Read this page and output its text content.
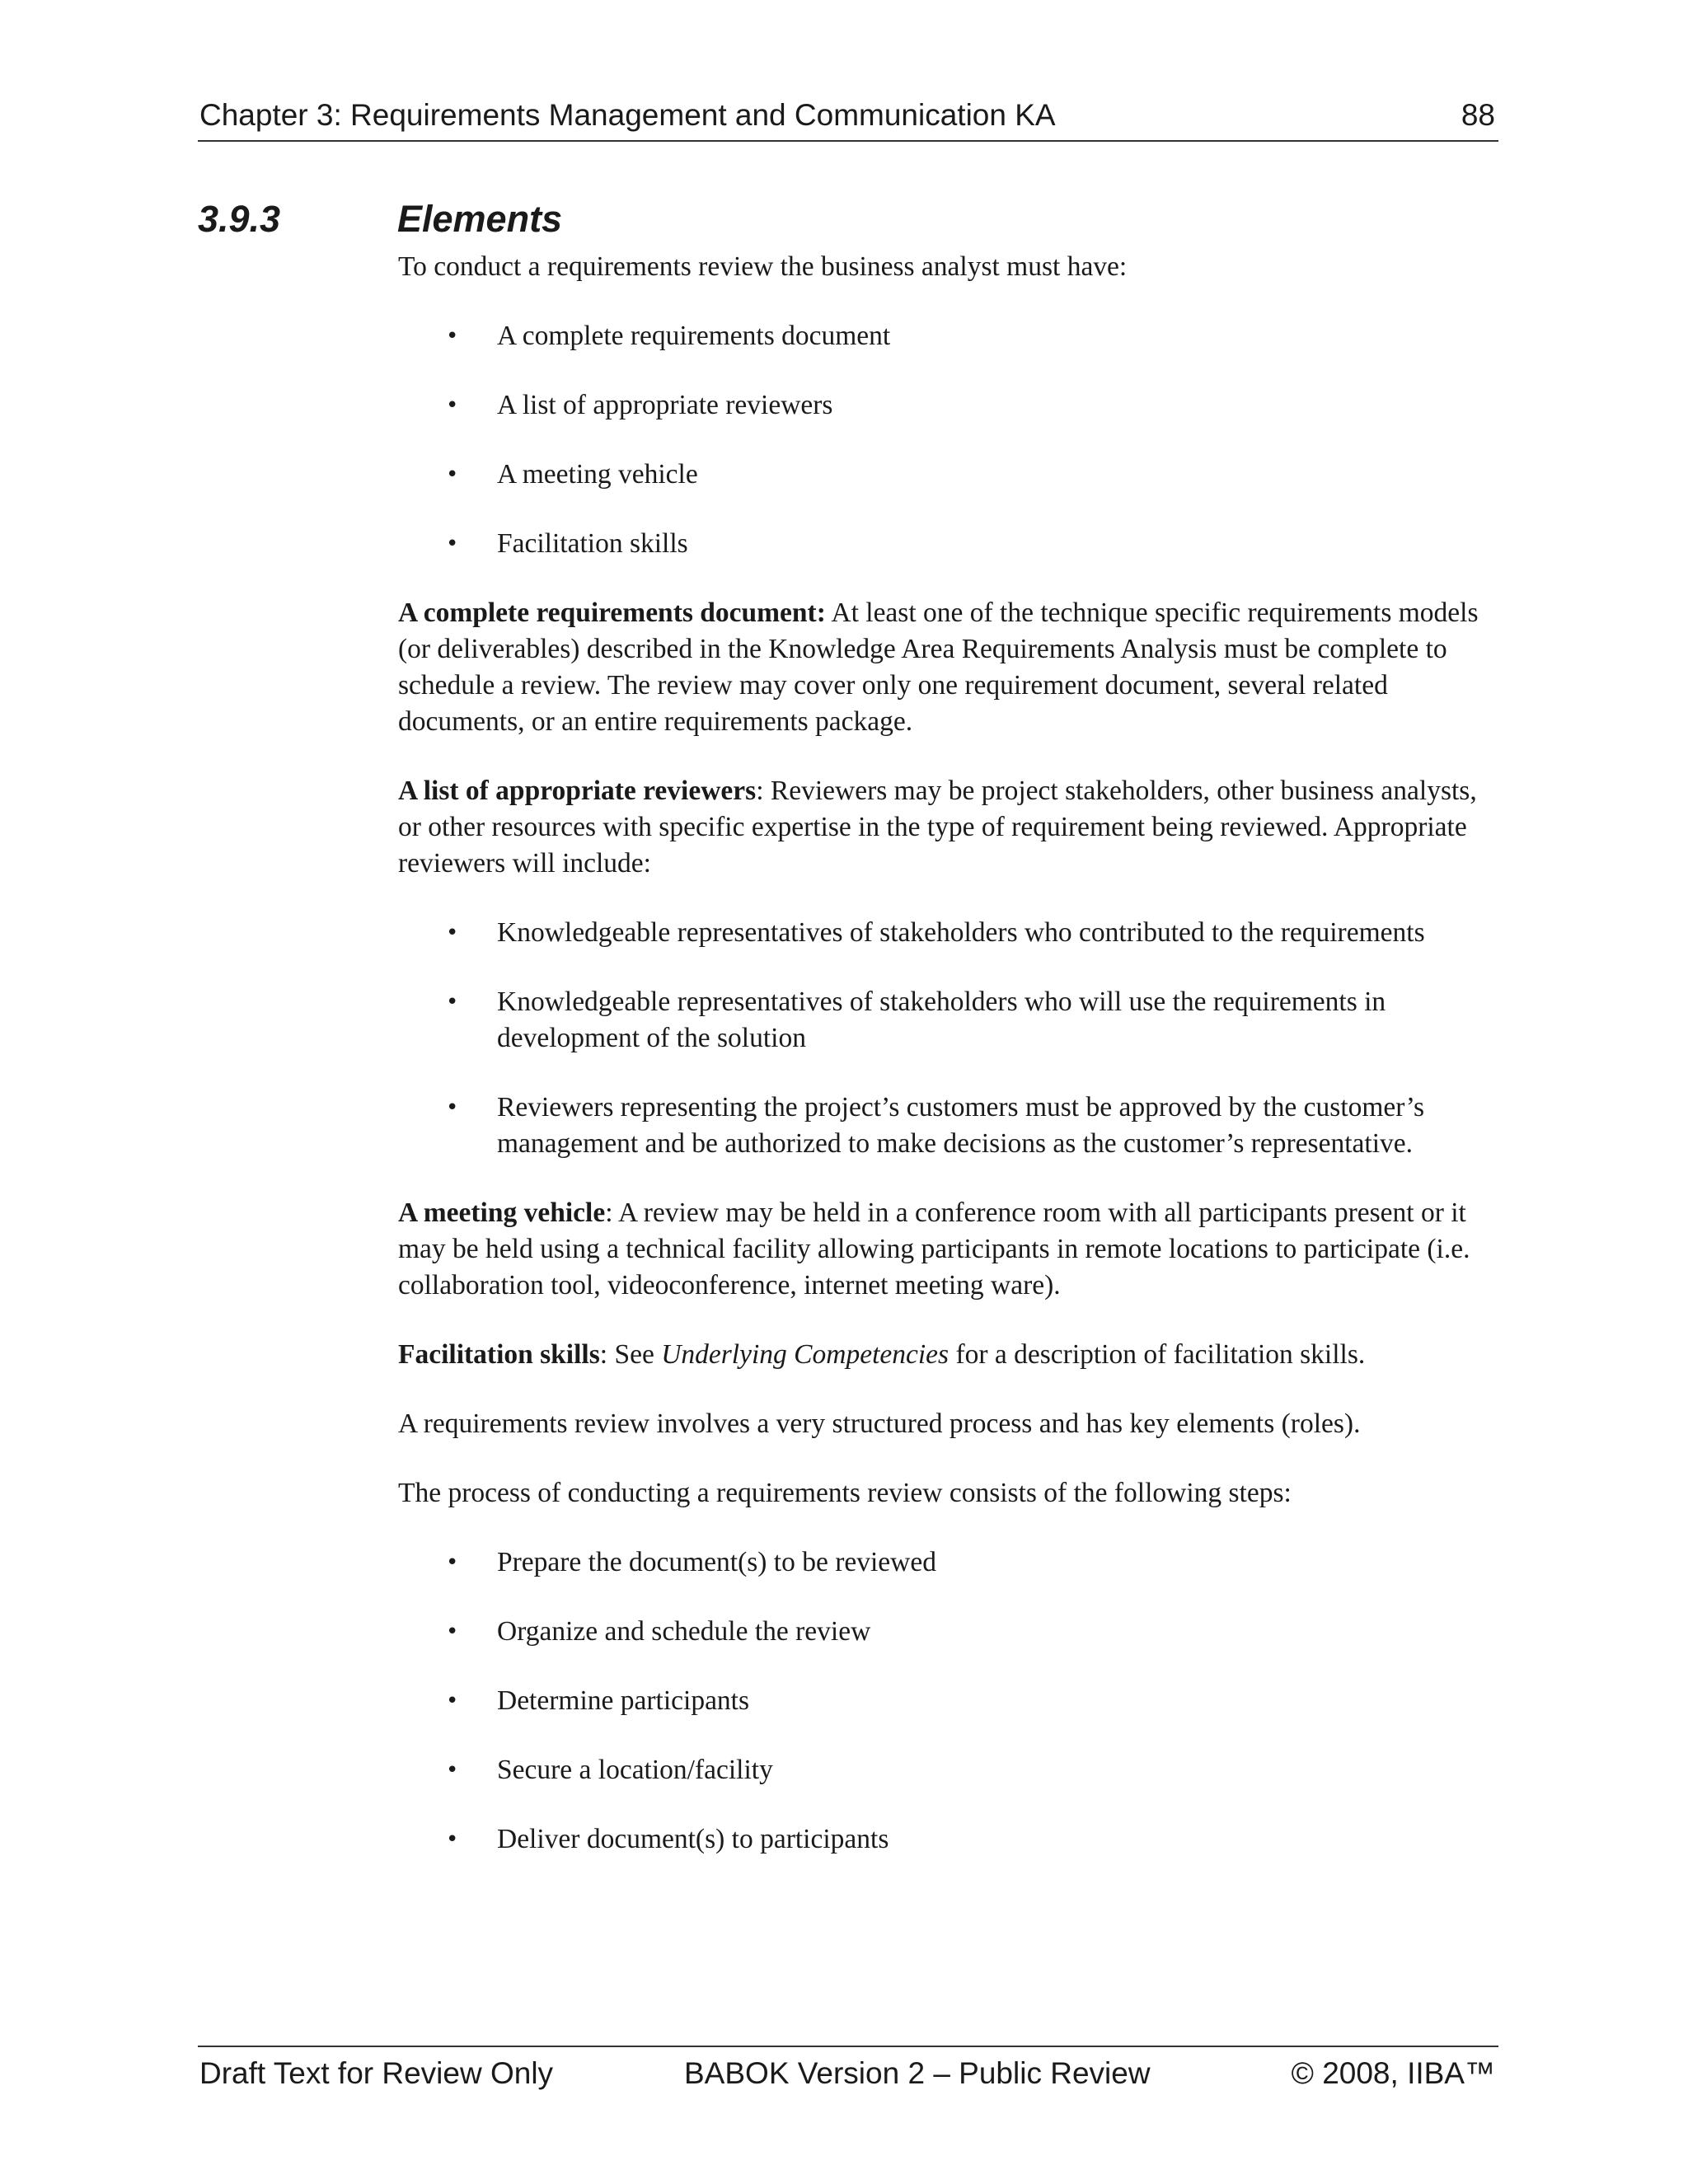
Chapter 3: Requirements Management and Communication KA	88
3.9.3	Elements

To conduct a requirements review the business analyst must have:

• A complete requirements document
• A list of appropriate reviewers
• A meeting vehicle
• Facilitation skills

A complete requirements document: At least one of the technique specific requirements models (or deliverables) described in the Knowledge Area Requirements Analysis must be complete to schedule a review. The review may cover only one requirement document, several related documents, or an entire requirements package.

A list of appropriate reviewers: Reviewers may be project stakeholders, other business analysts, or other resources with specific expertise in the type of requirement being reviewed. Appropriate reviewers will include:

• Knowledgeable representatives of stakeholders who contributed to the requirements
• Knowledgeable representatives of stakeholders who will use the requirements in development of the solution
• Reviewers representing the project’s customers must be approved by the customer’s management and be authorized to make decisions as the customer’s representative.

A meeting vehicle: A review may be held in a conference room with all participants present or it may be held using a technical facility allowing participants in remote locations to participate (i.e. collaboration tool, videoconference, internet meeting ware).

Facilitation skills: See Underlying Competencies for a description of facilitation skills.

A requirements review involves a very structured process and has key elements (roles).

The process of conducting a requirements review consists of the following steps:

• Prepare the document(s) to be reviewed
• Organize and schedule the review
• Determine participants
• Secure a location/facility
• Deliver document(s) to participants
Draft Text for Review Only	BABOK Version 2 – Public Review	© 2008, IIBA™
